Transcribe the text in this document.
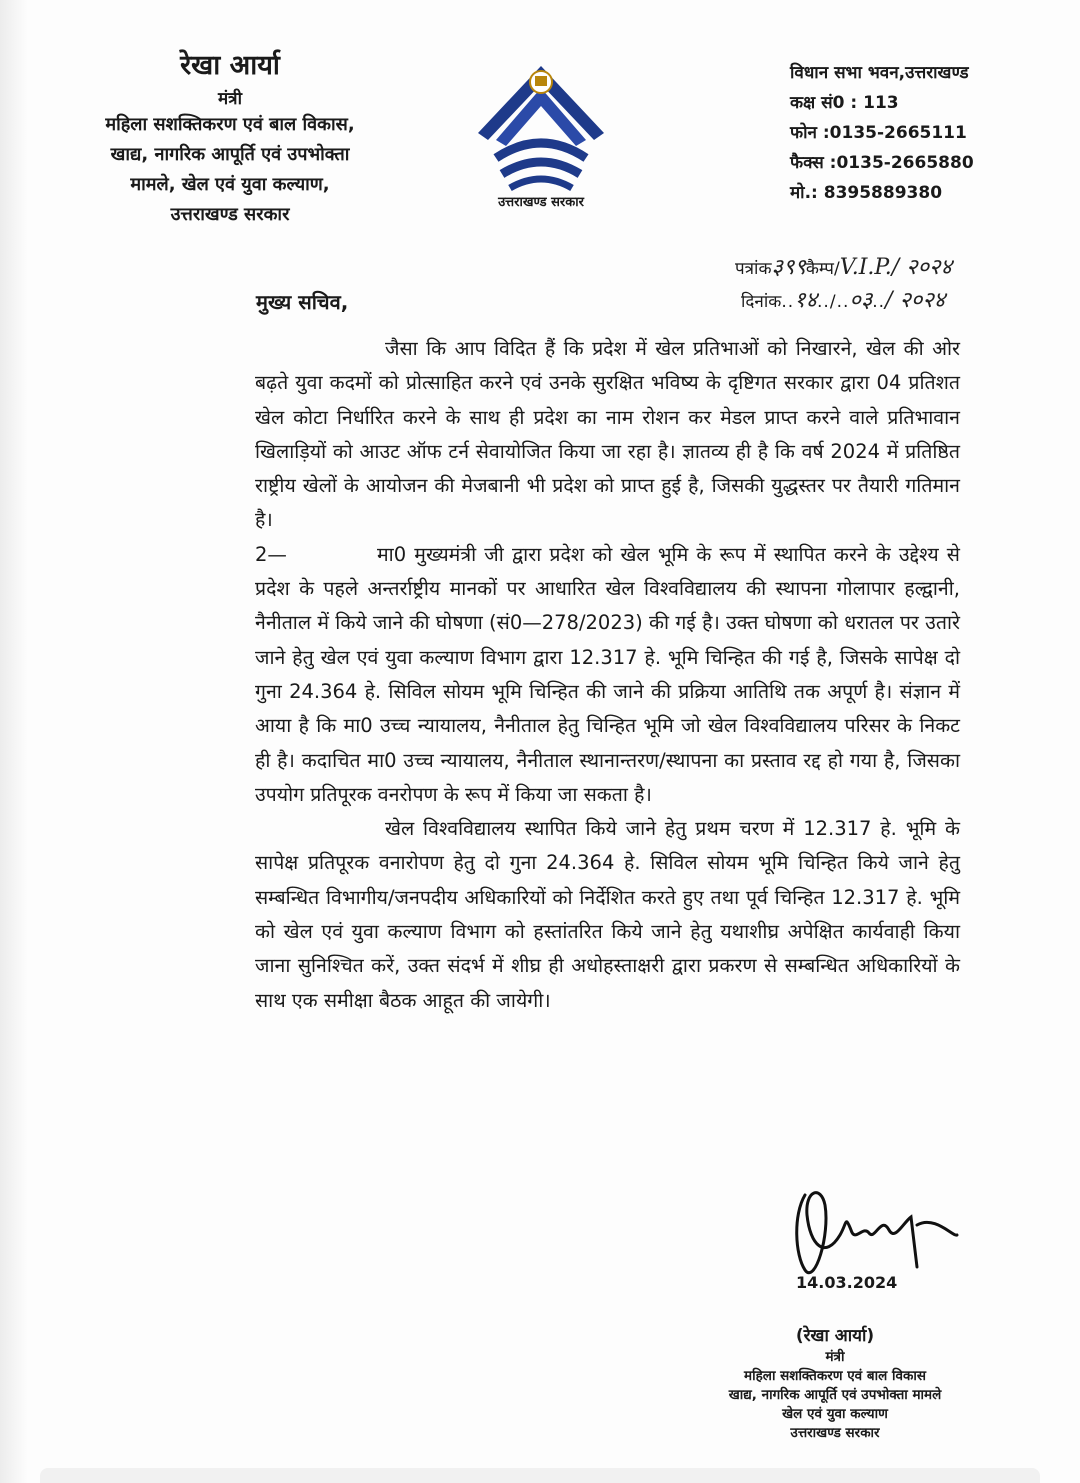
रेखा आर्या
मंत्री
महिला सशक्तिकरण एवं बाल विकास,
खाद्य, नागरिक आपूर्ति एवं उपभोक्ता
मामले, खेल एवं युवा कल्याण,
उत्तराखण्ड सरकार
उत्तराखण्ड सरकार
विधान सभा भवन,उत्तराखण्ड
कक्ष सं0 : 113
फोन :0135-2665111
फैक्स :0135-2665880
मो.: 8395889380
पत्रांक३९९कैम्प/V.I.P./ २०२४
दिनांक..१४../..०३../ २०२४
मुख्य सचिव,

जैसा कि आप विदित हैं कि प्रदेश में खेल प्रतिभाओं को निखारने, खेल की ओर बढ़ते युवा कदमों को प्रोत्साहित करने एवं उनके सुरक्षित भविष्य के दृष्टिगत सरकार द्वारा 04 प्रतिशत खेल कोटा निर्धारित करने के साथ ही प्रदेश का नाम रोशन कर मेडल प्राप्त करने वाले प्रतिभावान खिलाड़ियों को आउट ऑफ टर्न सेवायोजित किया जा रहा है। ज्ञातव्य ही है कि वर्ष 2024 में प्रतिष्ठित राष्ट्रीय खेलों के आयोजन की मेजबानी भी प्रदेश को प्राप्त हुई है, जिसकी युद्धस्तर पर तैयारी गतिमान है।

2—	मा0 मुख्यमंत्री जी द्वारा प्रदेश को खेल भूमि के रूप में स्थापित करने के उद्देश्य से प्रदेश के पहले अन्तर्राष्ट्रीय मानकों पर आधारित खेल विश्वविद्यालय की स्थापना गोलापार हल्द्वानी, नैनीताल में किये जाने की घोषणा (सं0—278/2023) की गई है। उक्त घोषणा को धरातल पर उतारे जाने हेतु खेल एवं युवा कल्याण विभाग द्वारा 12.317 हे. भूमि चिन्हित की गई है, जिसके सापेक्ष दो गुना 24.364 हे. सिविल सोयम भूमि चिन्हित की जाने की प्रक्रिया आतिथि तक अपूर्ण है। संज्ञान में आया है कि मा0 उच्च न्यायालय, नैनीताल हेतु चिन्हित भूमि जो खेल विश्वविद्यालय परिसर के निकट ही है। कदाचित मा0 उच्च न्यायालय, नैनीताल स्थानान्तरण/स्थापना का प्रस्ताव रद्द हो गया है, जिसका उपयोग प्रतिपूरक वनरोपण के रूप में किया जा सकता है।

खेल विश्वविद्यालय स्थापित किये जाने हेतु प्रथम चरण में 12.317 हे. भूमि के सापेक्ष प्रतिपूरक वनारोपण हेतु दो गुना 24.364 हे. सिविल सोयम भूमि चिन्हित किये जाने हेतु सम्बन्धित विभागीय/जनपदीय अधिकारियों को निर्देशित करते हुए तथा पूर्व चिन्हित 12.317 हे. भूमि को खेल एवं युवा कल्याण विभाग को हस्तांतरित किये जाने हेतु यथाशीघ्र अपेक्षित कार्यवाही किया जाना सुनिश्चित करें, उक्त संदर्भ में शीघ्र ही अधोहस्ताक्षरी द्वारा प्रकरण से सम्बन्धित अधिकारियों के साथ एक समीक्षा बैठक आहूत की जायेगी।

14.03.2024
(रेखा आर्या)
मंत्री
महिला सशक्तिकरण एवं बाल विकास
खाद्य, नागरिक आपूर्ति एवं उपभोक्ता मामले
खेल एवं युवा कल्याण
उत्तराखण्ड सरकार
